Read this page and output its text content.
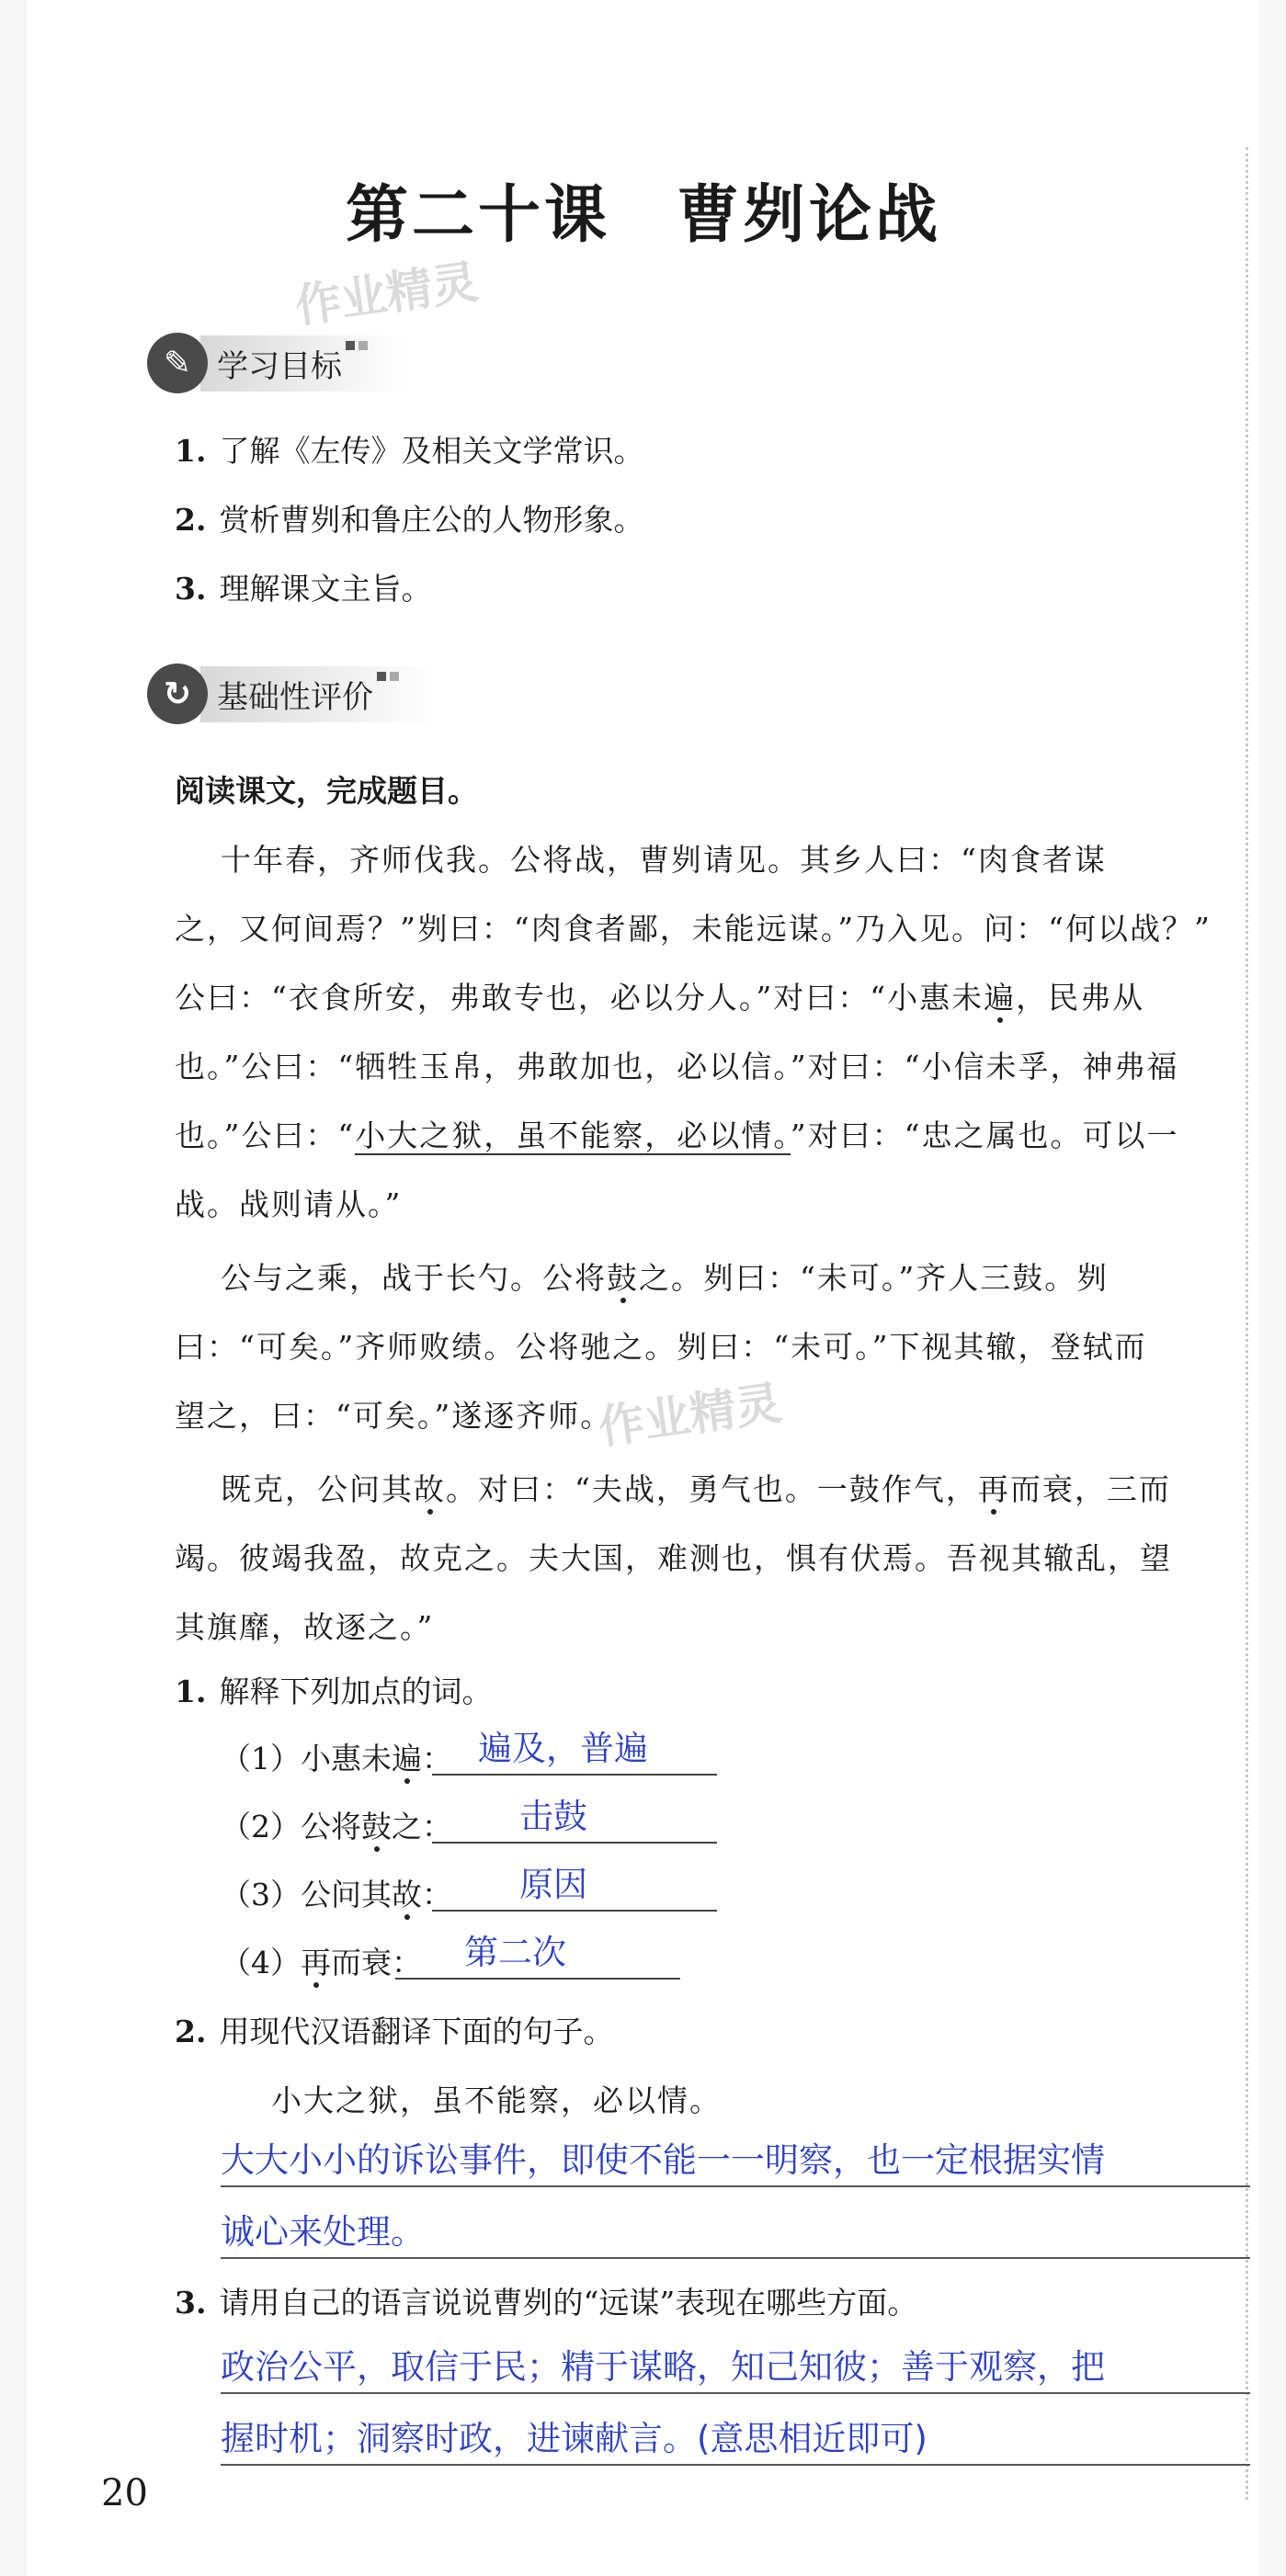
第二十课　曹刿论战
作业精灵
作业精灵
✎ 学习目标
1. 了解《左传》及相关文学常识。
2. 赏析曹刿和鲁庄公的人物形象。
3. 理解课文主旨。
↻ 基础性评价
阅读课文，完成题目。
十年春，齐师伐我。公将战，曹刿请见。其乡人曰：“肉食者谋
之，又何间焉？”刿曰：“肉食者鄙，未能远谋。”乃入见。问：“何以战？”
公曰：“衣食所安，弗敢专也，必以分人。”对曰：“小惠未遍，民弗从
也。”公曰：“牺牲玉帛，弗敢加也，必以信。”对曰：“小信未孚，神弗福
也。”公曰：“小大之狱，虽不能察，必以情。”对曰：“忠之属也。可以一
战。战则请从。”
公与之乘，战于长勺。公将鼓之。刿曰：“未可。”齐人三鼓。刿
曰：“可矣。”齐师败绩。公将驰之。刿曰：“未可。”下视其辙，登轼而
望之，曰：“可矣。”遂逐齐师。
既克，公问其故。对曰：“夫战，勇气也。一鼓作气，再而衰，三而
竭。彼竭我盈，故克之。夫大国，难测也，惧有伏焉。吾视其辙乱，望
其旗靡，故逐之。”
1. 解释下列加点的词。
（1）小惠未遍： 遍及，普遍
（2）公将鼓之： 击鼓
（3）公问其故： 原因
（4）再而衰： 第二次
2. 用现代汉语翻译下面的句子。
小大之狱，虽不能察，必以情。
大大小小的诉讼事件，即使不能一一明察，也一定根据实情
诚心来处理。
3. 请用自己的语言说说曹刿的“远谋”表现在哪些方面。
政治公平，取信于民；精于谋略，知己知彼；善于观察，把
握时机；洞察时政，进谏献言。(意思相近即可)
20
